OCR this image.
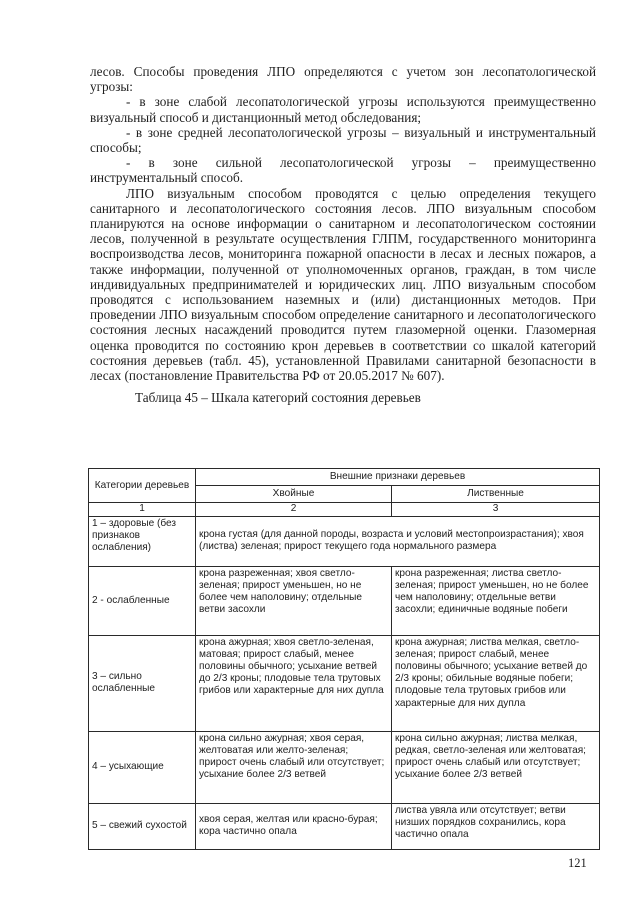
лесов. Способы проведения ЛПО определяются с учетом зон лесопатологической угрозы:

- в зоне слабой лесопатологической угрозы используются преимущественно визуальный способ и дистанционный метод обследования;

- в зоне средней лесопатологической угрозы – визуальный и инструментальный способы;

- в зоне сильной лесопатологической угрозы – преимущественно инструментальный способ.

ЛПО визуальным способом проводятся с целью определения текущего санитарного и лесопатологического состояния лесов. ЛПО визуальным способом планируются на основе информации о санитарном и лесопатологическом состоянии лесов, полученной в результате осуществления ГЛПМ, государственного мониторинга воспроизводства лесов, мониторинга пожарной опасности в лесах и лесных пожаров, а также информации, полученной от уполномоченных органов, граждан, в том числе индивидуальных предпринимателей и юридических лиц. ЛПО визуальным способом проводятся с использованием наземных и (или) дистанционных методов. При проведении ЛПО визуальным способом определение санитарного и лесопатологического состояния лесных насаждений проводится путем глазомерной оценки. Глазомерная оценка проводится по состоянию крон деревьев в соответствии со шкалой категорий состояния деревьев (табл. 45), установленной Правилами санитарной безопасности в лесах (постановление Правительства РФ от 20.05.2017 № 607).

Таблица 45 – Шкала категорий состояния деревьев

Категории деревьев	Внешние признаки деревьев	
	Хвойные	Лиственные
1	2	3
1 – здоровые (без признаков ослабления)	крона густая (для данной породы, возраста и условий местопроизрастания); хвоя (листва) зеленая; прирост текущего года нормального размера	
2 - ослабленные	крона разреженная; хвоя светло-зеленая; прирост уменьшен, но не более чем наполовину; отдельные ветви засохли	крона разреженная; листва светло-зеленая; прирост уменьшен, но не более чем наполовину; отдельные ветви засохли; единичные водяные побеги
3 – сильно ослабленные	крона ажурная; хвоя светло-зеленая, матовая; прирост слабый, менее половины обычного; усыхание ветвей до 2/3 кроны; плодовые тела трутовых грибов или характерные для них дупла	крона ажурная; листва мелкая, светло-зеленая; прирост слабый, менее половины обычного; усыхание ветвей до 2/3 кроны; обильные водяные побеги; плодовые тела трутовых грибов или характерные для них дупла
4 – усыхающие	крона сильно ажурная; хвоя серая, желтоватая или желто-зеленая; прирост очень слабый или отсутствует; усыхание более 2/3 ветвей	крона сильно ажурная; листва мелкая, редкая, светло-зеленая или желтоватая; прирост очень слабый или отсутствует; усыхание более 2/3 ветвей
5 – свежий сухостой	хвоя серая, желтая или красно-бурая; кора частично опала	листва увяла или отсутствует; ветви низших порядков сохранились, кора частично опала
121
